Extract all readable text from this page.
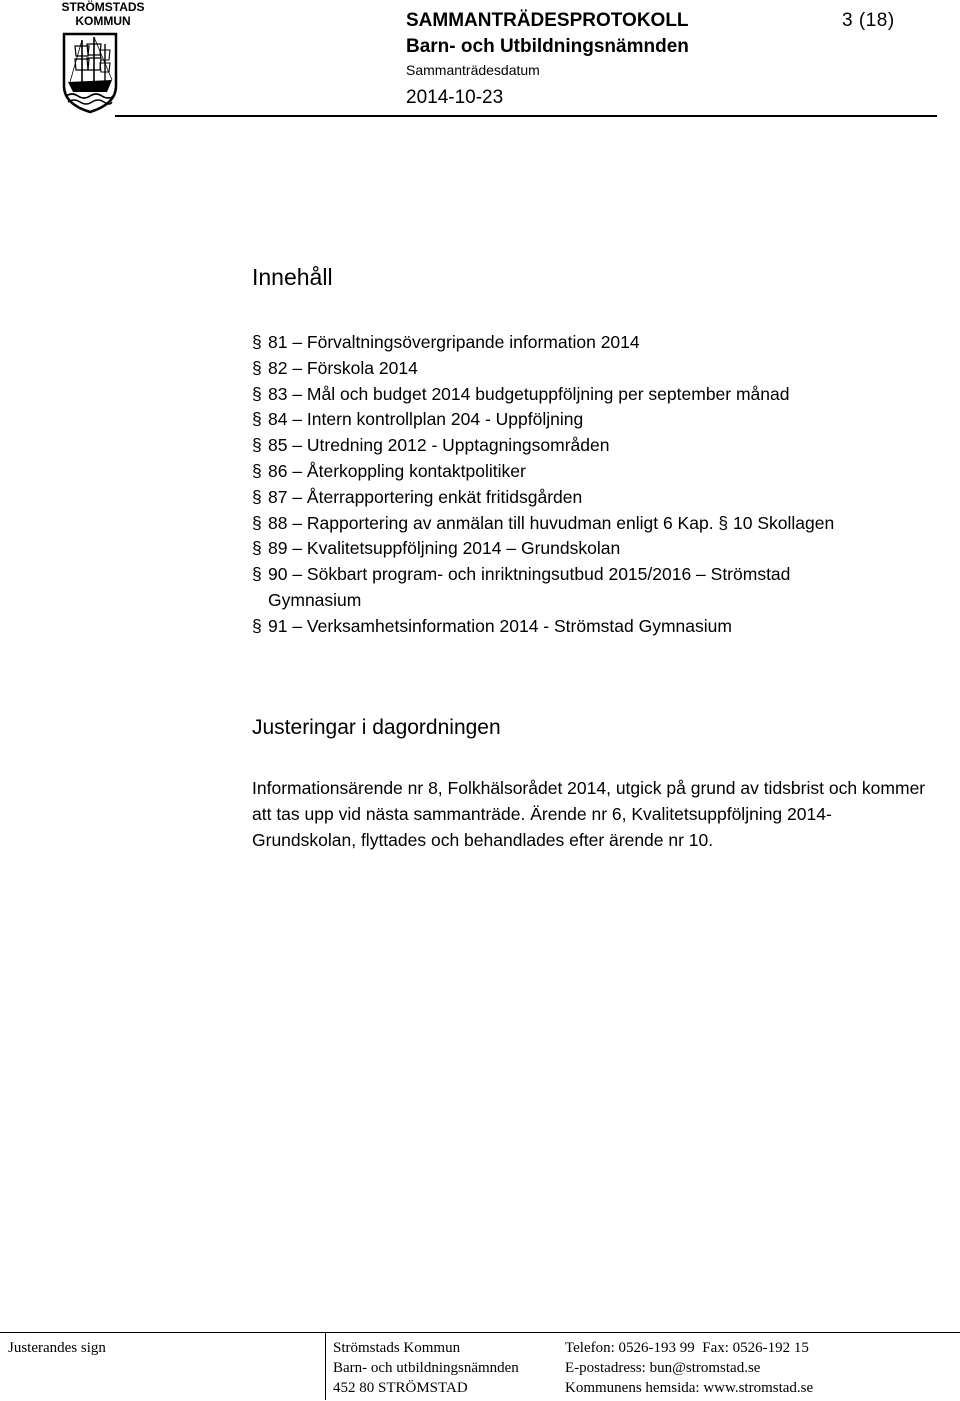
STRÖMSTADS
KOMMUN	SAMMANTRÄDESPROTOKOLL
Barn- och Utbildningsnämnden
Sammanträdesdatum
2014-10-23
3 (18)
Innehåll
§ 81 – Förvaltningsövergripande information 2014
§ 82 – Förskola 2014
§ 83 – Mål och budget 2014 budgetuppföljning per september månad
§ 84 – Intern kontrollplan 204 - Uppföljning
§ 85 – Utredning 2012 - Upptagningsområden
§ 86 – Återkoppling kontaktpolitiker
§ 87 – Återrapportering enkät fritidsgården
§ 88 – Rapportering av anmälan till huvudman enligt 6 Kap. § 10 Skollagen
§ 89 – Kvalitetsuppföljning 2014 – Grundskolan
§ 90 – Sökbart program- och inriktningsutbud 2015/2016 – Strömstad Gymnasium
§ 91 – Verksamhetsinformation 2014 - Strömstad Gymnasium
Justeringar i dagordningen
Informationsärende nr 8, Folkhälsorådet 2014, utgick på grund av tidsbrist och kommer att tas upp vid nästa sammanträde. Ärende nr 6, Kvalitetsuppföljning 2014- Grundskolan, flyttades och behandlades efter ärende nr 10.
Justerandes sign	Strömstads Kommun
Barn- och utbildningsnämnden
452 80 STRÖMSTAD
Telefon: 0526-193 99  Fax: 0526-192 15
E-postadress: bun@stromstad.se
Kommunens hemsida: www.stromstad.se
